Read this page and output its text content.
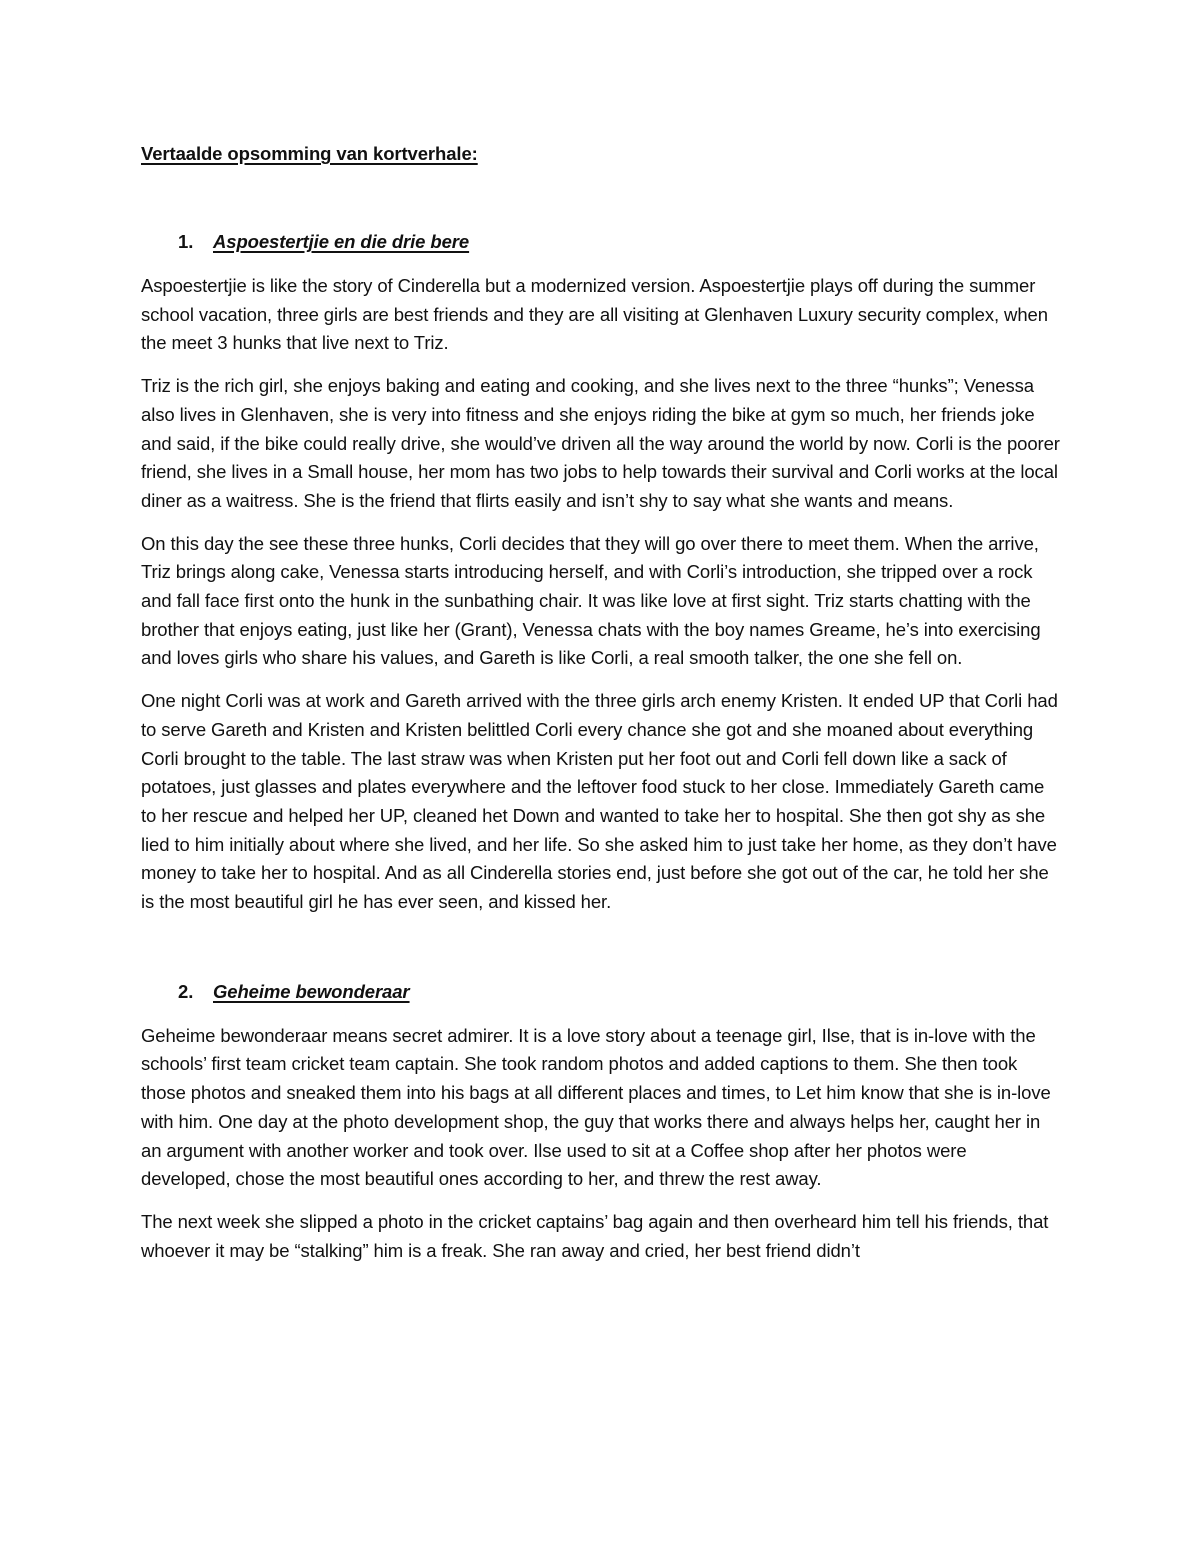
Vertaalde opsomming van kortverhale:
1.	Aspoestertjie en die drie bere

Aspoestertjie is like the story of Cinderella but a modernized version. Aspoestertjie plays off during the summer school vacation, three girls are best friends and they are all visiting at Glenhaven Luxury security complex, when the meet 3 hunks that live next to Triz.

Triz is the rich girl, she enjoys baking and eating and cooking, and she lives next to the three “hunks”; Venessa also lives in Glenhaven, she is very into fitness and she enjoys riding the bike at gym so much, her friends joke and said, if the bike could really drive, she would’ve driven all the way around the world by now. Corli is the poorer friend, she lives in a Small house, her mom has two jobs to help towards their survival and Corli works at the local diner as a waitress. She is the friend that flirts easily and isn’t shy to say what she wants and means.

On this day the see these three hunks, Corli decides that they will go over there to meet them. When the arrive, Triz brings along cake, Venessa starts introducing herself, and with Corli’s introduction, she tripped over a rock and fall face first onto the hunk in the sunbathing chair. It was like love at first sight. Triz starts chatting with the brother that enjoys eating, just like her (Grant), Venessa chats with the boy names Greame, he’s into exercising and loves girls who share his values, and Gareth is like Corli, a real smooth talker, the one she fell on.

One night Corli was at work and Gareth arrived with the three girls arch enemy Kristen. It ended UP that Corli had to serve Gareth and Kristen and Kristen belittled Corli every chance she got and she moaned about everything Corli brought to the table. The last straw was when Kristen put her foot out and Corli fell down like a sack of potatoes, just glasses and plates everywhere and the leftover food stuck to her close. Immediately Gareth came to her rescue and helped her UP, cleaned het Down and wanted to take her to hospital. She then got shy as she lied to him initially about where she lived, and her life. So she asked him to just take her home, as they don’t have money to take her to hospital. And as all Cinderella stories end, just before she got out of the car, he told her she is the most beautiful girl he has ever seen, and kissed her.

2.	Geheime bewonderaar

Geheime bewonderaar means secret admirer. It is a love story about a teenage girl, Ilse, that is in-love with the schools’ first team cricket team captain. She took random photos and added captions to them. She then took those photos and sneaked them into his bags at all different places and times, to Let him know that she is in-love with him. One day at the photo development shop, the guy that works there and always helps her, caught her in an argument with another worker and took over. Ilse used to sit at a Coffee shop after her photos were developed, chose the most beautiful ones according to her, and threw the rest away.

The next week she slipped a photo in the cricket captains’ bag again and then overheard him tell his friends, that whoever it may be “stalking” him is a freak. She ran away and cried, her best friend didn’t
